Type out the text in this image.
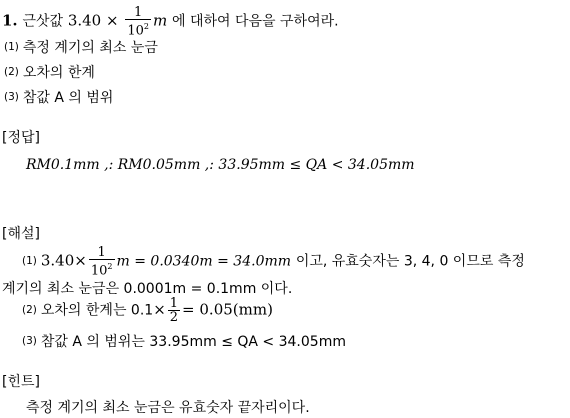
1. 근삿값 $3.40 \times \frac{1}{10^2}$ m 에 대하여 다음을 구하여라.
(1) 측정 계기의 최소 눈금
(2) 오차의 한계
(3) 참값 A 의 범위
[정답]
RM0.1mm ,: RM0.05mm ,: 33.95mm ≤ QA < 34.05mm
[해설]
(1) $3.40\times \frac{1}{10^2}$ m = 0.0340m = 34.0mm 이고, 유효숫자는 3, 4, 0 이므로 측정
계기의 최소 눈금은 0.0001m = 0.1mm 이다.
(2) 오차의 한계는 $0.1\times \frac{1}{2} = 0.05(mm)$
(3) 참값 A 의 범위는 33.95mm ≤ QA < 34.05mm
[힌트]
측정 계기의 최소 눈금은 유효숫자 끝자리이다.
